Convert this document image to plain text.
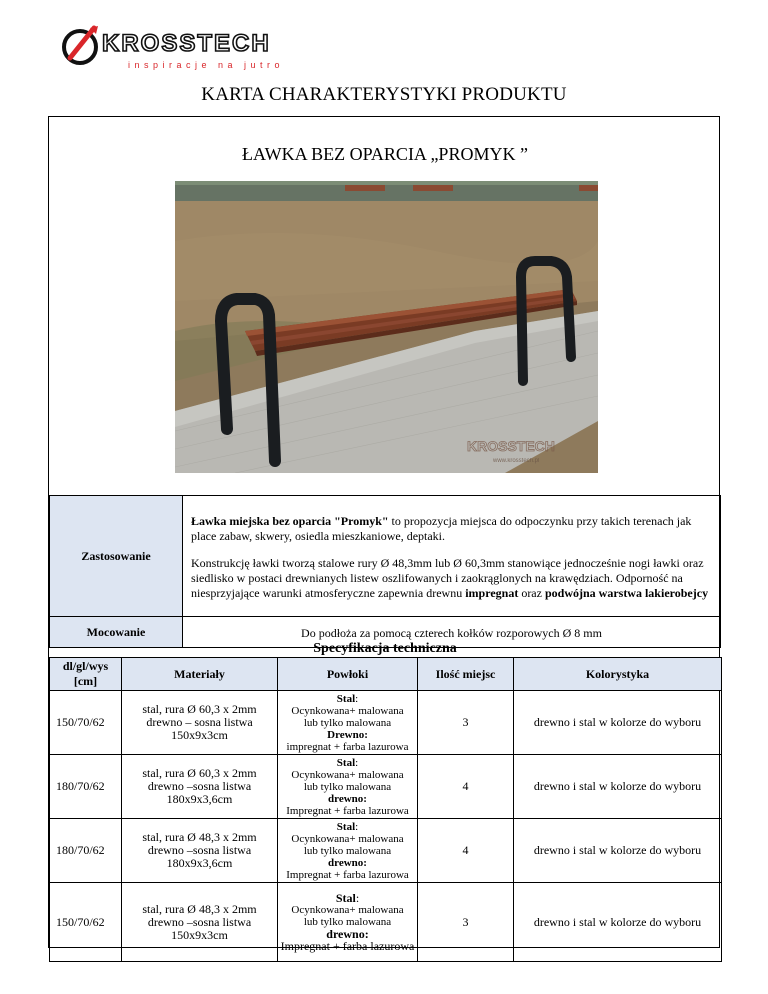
KROSSTECH
inspiracje na jutro
KARTA CHARAKTERYSTYKI PRODUKTU
ŁAWKA BEZ OPARCIA „PROMYK ”
KROSSTECH
www.krosstech.pl
Zastosowanie	Ławka miejska bez oparcia "Promyk" to propozycja miejsca do odpoczynku przy takich terenach jak place zabaw, skwery, osiedla mieszkaniowe, deptaki.

Konstrukcję ławki tworzą stalowe rury Ø 48,3mm lub Ø 60,3mm stanowiące jednocześnie nogi ławki oraz siedlisko w postaci drewnianych listew oszlifowanych i zaokrąglonych na krawędziach. Odporność na niesprzyjające warunki atmosferyczne zapewnia drewnu impregnat oraz podwójna warstwa lakierobejcy

Mocowanie	Do podłoża za pomocą czterech kołków rozporowych Ø 8 mm
Specyfikacja techniczna
dl/gl/wys [cm]	Materiały	Powłoki	Ilość miejsc	Kolorystyka
150/70/62	stal, rura Ø 60,3 x 2mm drewno – sosna listwa 150x9x3cm	Stal:
Ocynkowana+ malowana
lub tylko malowana
Drewno:
impregnat + farba lazurowa	3	drewno i stal w kolorze do wyboru
180/70/62	stal, rura Ø 60,3 x 2mm drewno –sosna listwa 180x9x3,6cm	Stal:
Ocynkowana+ malowana
lub tylko malowana
drewno:
Impregnat + farba lazurowa	4	drewno i stal w kolorze do wyboru
180/70/62	stal, rura Ø 48,3 x 2mm drewno –sosna listwa 180x9x3,6cm	Stal:
Ocynkowana+ malowana
lub tylko malowana
drewno:
Impregnat + farba lazurowa	4	drewno i stal w kolorze do wyboru
150/70/62	stal, rura Ø 48,3 x 2mm drewno –sosna listwa 150x9x3cm	Stal:
Ocynkowana+ malowana
lub tylko malowana
drewno:
Impregnat + farba lazurowa	3	drewno i stal w kolorze do wyboru
